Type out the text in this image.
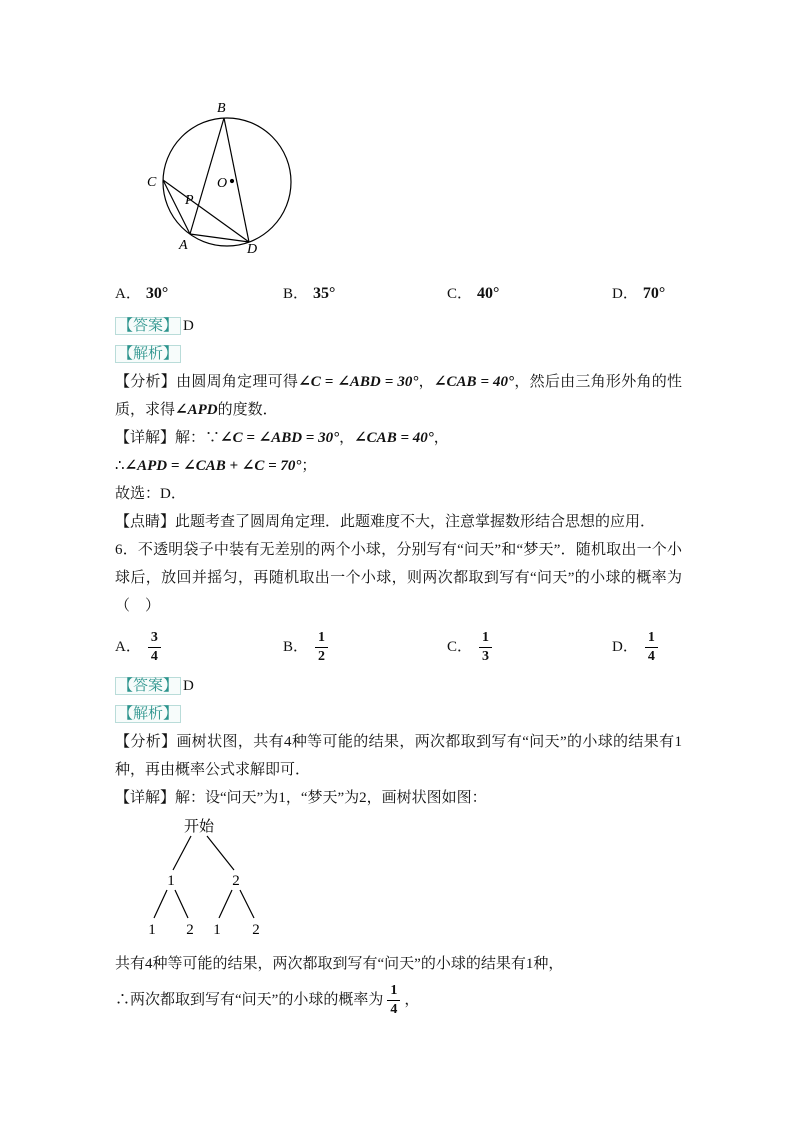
B
C
P
O
A	D
A． 30°	B． 35°	C． 40°	D． 70°
【答案】 D
【解析】

【分析】由圆周角定理可得∠C = ∠ABD = 30°，∠CAB = 40°，然后由三角形外角的性质，求得∠APD的度数．

【详解】解：∵∠C = ∠ABD = 30°，∠CAB = 40°，
∴∠APD = ∠CAB + ∠C = 70°；
故选：D．
【点睛】此题考查了圆周角定理．此题难度不大，注意掌握数形结合思想的应用．

6．不透明袋子中装有无差别的两个小球，分别写有“问天”和“梦天”．随机取出一个小球后，放回并摇匀，再随机取出一个小球，则两次都取到写有“问天”的小球的概率为（　）

A． $\frac{3}{4}$	B． $\frac{1}{2}$	C． $\frac{1}{3}$	D． $\frac{1}{4}$
【答案】 D
【解析】

【分析】画树状图，共有4种等可能的结果，两次都取到写有“问天”的小球的结果有1种，再由概率公式求解即可．

【详解】解：设“问天”为1，“梦天”为2，画树状图如图：
开始
1	2
1 2 1 2
共有4种等可能的结果，两次都取到写有“问天”的小球的结果有1种，
∴两次都取到写有“问天”的小球的概率为 $\frac{1}{4}$ ，
